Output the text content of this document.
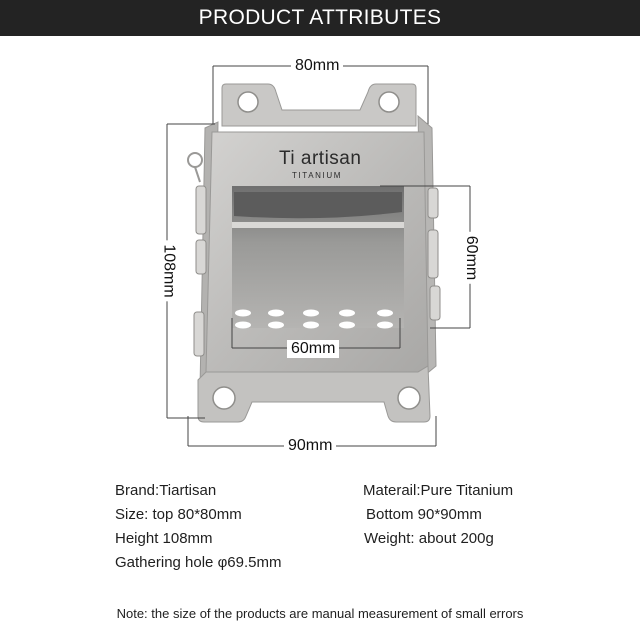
PRODUCT ATTRIBUTES
Ti artisan
TITANIUM
80mm
108mm	60mm
60mm
90mm
Brand:Tiartisan
Size: top 80*80mm
Height 108mm
Gathering hole φ69.5mm
Materail:Pure Titanium
Bottom 90*90mm
Weight: about 200g
Note: the size of the products are manual measurement of small errors
